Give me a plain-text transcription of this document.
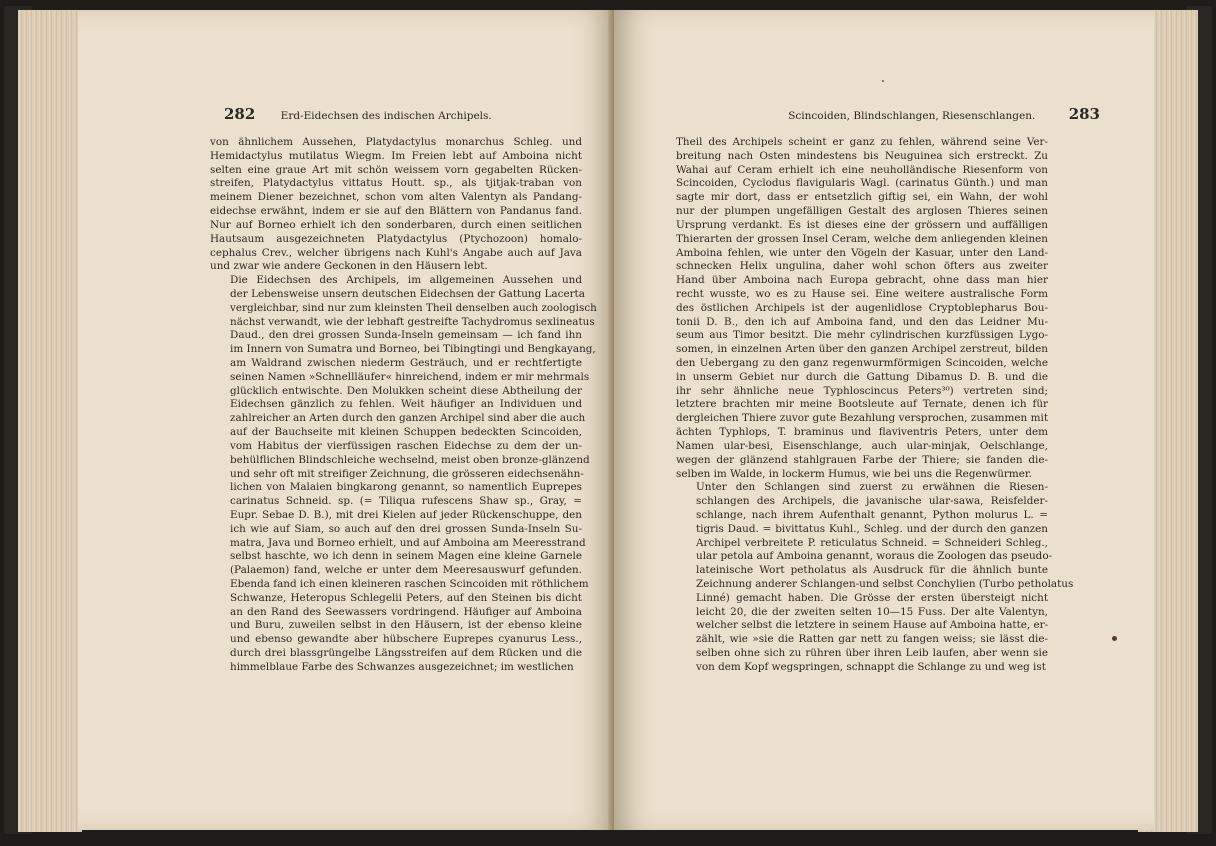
282 Erd-Eidechsen des indischen Archipels.

von ähnlichem Aussehen, Platydactylus monarchus Schleg. und
Hemidactylus mutilatus Wiegm. Im Freien lebt auf Amboina nicht
selten eine graue Art mit schön weissem vorn gegabelten Rücken-
streifen, Platydactylus vittatus Houtt. sp., als tjitjak-traban von
meinem Diener bezeichnet, schon vom alten Valentyn als Pandang-
eidechse erwähnt, indem er sie auf den Blättern von Pandanus fand.
Nur auf Borneo erhielt ich den sonderbaren, durch einen seitlichen
Hautsaum ausgezeichneten Platydactylus (Ptychozoon) homalo-
cephalus Crev., welcher übrigens nach Kuhl's Angabe auch auf Java
und zwar wie andere Geckonen in den Häusern lebt.

Die Eidechsen des Archipels, im allgemeinen Aussehen und
der Lebensweise unsern deutschen Eidechsen der Gattung Lacerta
vergleichbar, sind nur zum kleinsten Theil denselben auch zoologisch
nächst verwandt, wie der lebhaft gestreifte Tachydromus sexlineatus
Daud., den drei grossen Sunda-Inseln gemeinsam — ich fand ihn
im Innern von Sumatra und Borneo, bei Tibingtingi und Bengkayang,
am Waldrand zwischen niederm Gesträuch, und er rechtfertigte
seinen Namen »Schnellläufer« hinreichend, indem er mir mehrmals
glücklich entwischte. Den Molukken scheint diese Abtheilung der
Eidechsen gänzlich zu fehlen. Weit häufiger an Individuen und
zahlreicher an Arten durch den ganzen Archipel sind aber die auch
auf der Bauchseite mit kleinen Schuppen bedeckten Scincoiden,
vom Habitus der vierfüssigen raschen Eidechse zu dem der un-
behülflichen Blindschleiche wechselnd, meist oben bronze-glänzend
und sehr oft mit streifiger Zeichnung, die grösseren eidechsenähn-
lichen von Malaien bingkarong genannt, so namentlich Euprepes
carinatus Schneid. sp. (= Tiliqua rufescens Shaw sp., Gray, =
Eupr. Sebae D. B.), mit drei Kielen auf jeder Rückenschuppe, den
ich wie auf Siam, so auch auf den drei grossen Sunda-Inseln Su-
matra, Java und Borneo erhielt, und auf Amboina am Meeresstrand
selbst haschte, wo ich denn in seinem Magen eine kleine Garnele
(Palaemon) fand, welche er unter dem Meeresauswurf gefunden.
Ebenda fand ich einen kleineren raschen Scincoiden mit röthlichem
Schwanze, Heteropus Schlegelii Peters, auf den Steinen bis dicht
an den Rand des Seewassers vordringend. Häufiger auf Amboina
und Buru, zuweilen selbst in den Häusern, ist der ebenso kleine
und ebenso gewandte aber hübschere Euprepes cyanurus Less.,
durch drei blassgrüngelbe Längsstreifen auf dem Rücken und die
himmelblaue Farbe des Schwanzes ausgezeichnet; im westlichen

Scincoiden, Blindschlangen, Riesenschlangen. 283

Theil des Archipels scheint er ganz zu fehlen, während seine Ver-
breitung nach Osten mindestens bis Neuguinea sich erstreckt. Zu
Wahai auf Ceram erhielt ich eine neuholländische Riesenform von
Scincoiden, Cyclodus flavigularis Wagl. (carinatus Günth.) und man
sagte mir dort, dass er entsetzlich giftig sei, ein Wahn, der wohl
nur der plumpen ungefälligen Gestalt des arglosen Thieres seinen
Ursprung verdankt. Es ist dieses eine der grössern und auffälligen
Thierarten der grossen Insel Ceram, welche dem anliegenden kleinen
Amboina fehlen, wie unter den Vögeln der Kasuar, unter den Land-
schnecken Helix ungulina, daher wohl schon öfters aus zweiter
Hand über Amboina nach Europa gebracht, ohne dass man hier
recht wusste, wo es zu Hause sei. Eine weitere australische Form
des östlichen Archipels ist der augenlidlose Cryptoblepharus Bou-
tonii D. B., den ich auf Amboina fand, und den das Leidner Mu-
seum aus Timor besitzt. Die mehr cylindrischen kurzfüssigen Lygo-
somen, in einzelnen Arten über den ganzen Archipel zerstreut, bilden
den Uebergang zu den ganz regenwurmförmigen Scincoiden, welche
in unserm Gebiet nur durch die Gattung Dibamus D. B. und die
ihr sehr ähnliche neue Typhloscincus Peters³⁰) vertreten sind;
letztere brachten mir meine Bootsleute auf Ternate, denen ich für
dergleichen Thiere zuvor gute Bezahlung versprochen, zusammen mit
ächten Typhlops, T. braminus und flaviventris Peters, unter dem
Namen ular-besi, Eisenschlange, auch ular-minjak, Oelschlange,
wegen der glänzend stahlgrauen Farbe der Thiere; sie fanden die-
selben im Walde, in lockerm Humus, wie bei uns die Regenwürmer.

Unter den Schlangen sind zuerst zu erwähnen die Riesen-
schlangen des Archipels, die javanische ular-sawa, Reisfelder-
schlange, nach ihrem Aufenthalt genannt, Python molurus L. =
tigris Daud. = bivittatus Kuhl., Schleg. und der durch den ganzen
Archipel verbreitete P. reticulatus Schneid. = Schneideri Schleg.,
ular petola auf Amboina genannt, woraus die Zoologen das pseudo-
lateinische Wort petholatus als Ausdruck für die ähnlich bunte
Zeichnung anderer Schlangen-und selbst Conchylien (Turbo petholatus
Linné) gemacht haben. Die Grösse der ersten übersteigt nicht
leicht 20, die der zweiten selten 10—15 Fuss. Der alte Valentyn,
welcher selbst die letztere in seinem Hause auf Amboina hatte, er-
zählt, wie »sie die Ratten gar nett zu fangen weiss; sie lässt die-
selben ohne sich zu rühren über ihren Leib laufen, aber wenn sie
von dem Kopf wegspringen, schnappt die Schlange zu und weg ist
